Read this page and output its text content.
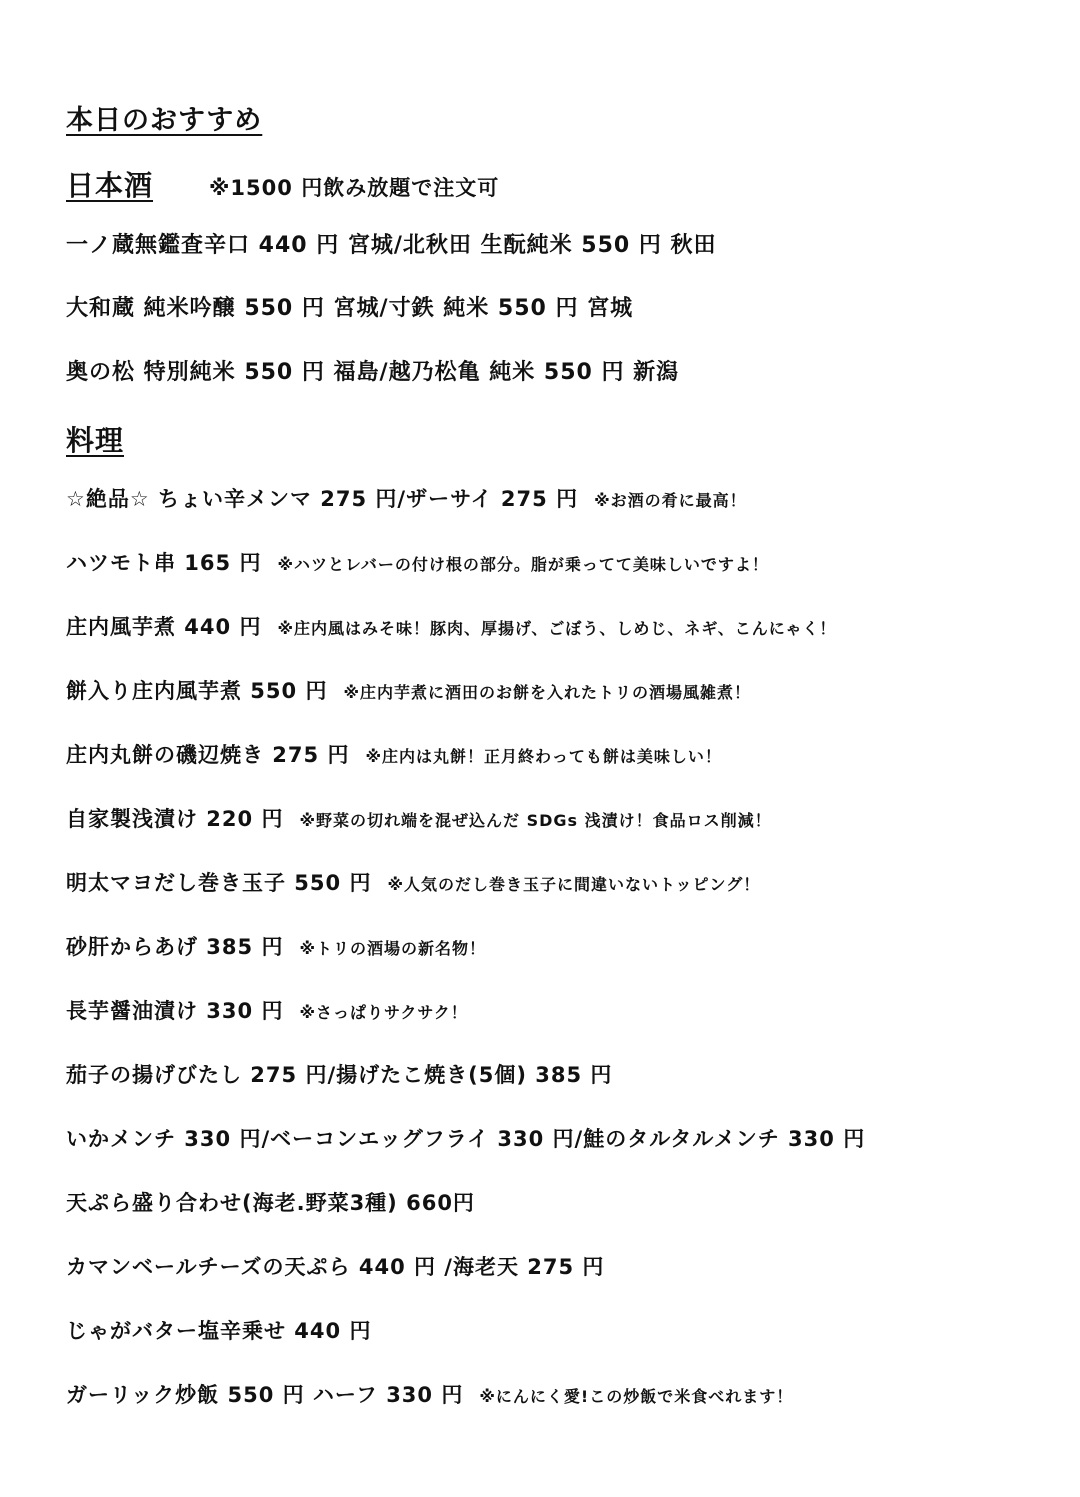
本日のおすすめ
日本酒	※1500 円飲み放題で注文可
一ノ蔵無鑑査辛口 440 円 宮城/北秋田 生酛純米 550 円 秋田
大和蔵 純米吟醸 550 円 宮城/寸鉄 純米 550 円 宮城
奥の松 特別純米 550 円 福島/越乃松亀 純米 550 円 新潟
料理
☆絶品☆ ちょい辛メンマ 275 円/ザーサイ 275 円 ※お酒の肴に最高！
ハツモト串 165 円 ※ハツとレバーの付け根の部分。脂が乗ってて美味しいですよ！
庄内風芋煮 440 円 ※庄内風はみそ味！豚肉、厚揚げ、ごぼう、しめじ、ネギ、こんにゃく！
餅入り庄内風芋煮 550 円 ※庄内芋煮に酒田のお餅を入れたトリの酒場風雑煮！
庄内丸餅の磯辺焼き 275 円 ※庄内は丸餅！正月終わっても餅は美味しい！
自家製浅漬け 220 円 ※野菜の切れ端を混ぜ込んだ SDGs 浅漬け！食品ロス削減！
明太マヨだし巻き玉子 550 円 ※人気のだし巻き玉子に間違いないトッピング！
砂肝からあげ 385 円 ※トリの酒場の新名物！
長芋醤油漬け 330 円 ※さっぱりサクサク！
茄子の揚げびたし 275 円/揚げたこ焼き(5個) 385 円
いかメンチ 330 円/ベーコンエッグフライ 330 円/鮭のタルタルメンチ 330 円
天ぷら盛り合わせ(海老.野菜3種) 660円
カマンベールチーズの天ぷら 440 円 /海老天 275 円
じゃがバター塩辛乗せ 440 円
ガーリック炒飯 550 円 ハーフ 330 円 ※にんにく愛!この炒飯で米食べれます！
